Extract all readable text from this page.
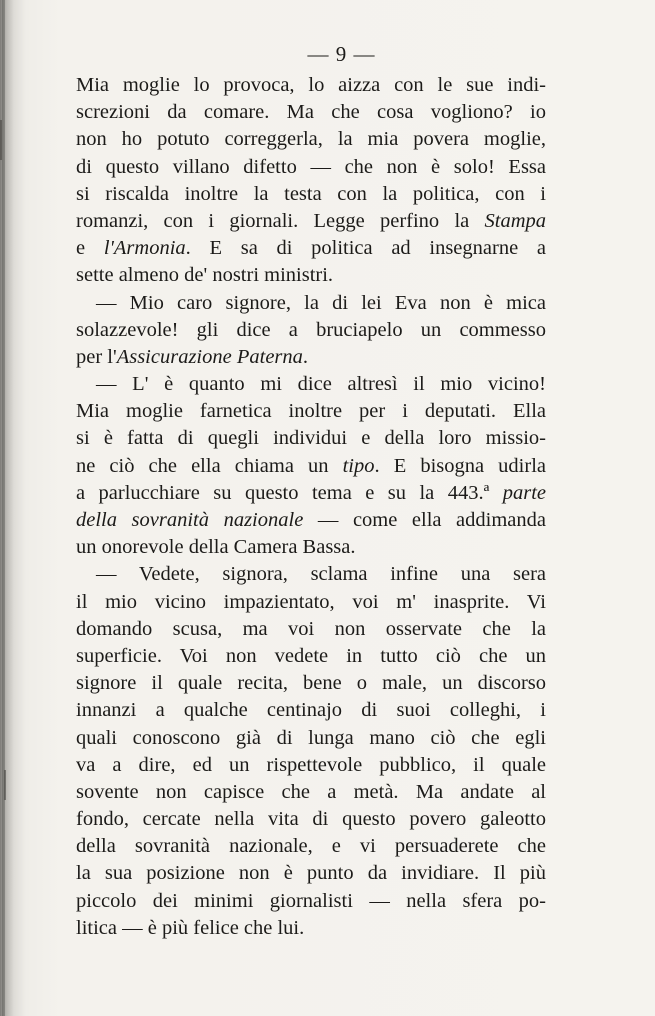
— 9 —
Mia moglie lo provoca, lo aizza con le sue indi-
screzioni da comare. Ma che cosa vogliono? io
non ho potuto correggerla, la mia povera moglie,
di questo villano difetto — che non è solo! Essa
si riscalda inoltre la testa con la politica, con i
romanzi, con i giornali. Legge perfino la Stampa
e l'Armonia. E sa di politica ad insegnarne a
sette almeno de' nostri ministri.
— Mio caro signore, la di lei Eva non è mica
solazzevole! gli dice a bruciapelo un commesso
per l'Assicurazione Paterna.
— L' è quanto mi dice altresì il mio vicino!
Mia moglie farnetica inoltre per i deputati. Ella
si è fatta di quegli individui e della loro missio-
ne ciò che ella chiama un tipo. E bisogna udirla
a parlucchiare su questo tema e su la 443.ª parte
della sovranità nazionale — come ella addimanda
un onorevole della Camera Bassa.
— Vedete, signora, sclama infine una sera
il mio vicino impazientato, voi m' inasprite. Vi
domando scusa, ma voi non osservate che la
superficie. Voi non vedete in tutto ciò che un
signore il quale recita, bene o male, un discorso
innanzi a qualche centinajo di suoi colleghi, i
quali conoscono già di lunga mano ciò che egli
va a dire, ed un rispettevole pubblico, il quale
sovente non capisce che a metà. Ma andate al
fondo, cercate nella vita di questo povero galeotto
della sovranità nazionale, e vi persuaderete che
la sua posizione non è punto da invidiare. Il più
piccolo dei minimi giornalisti — nella sfera po-
litica — è più felice che lui.
